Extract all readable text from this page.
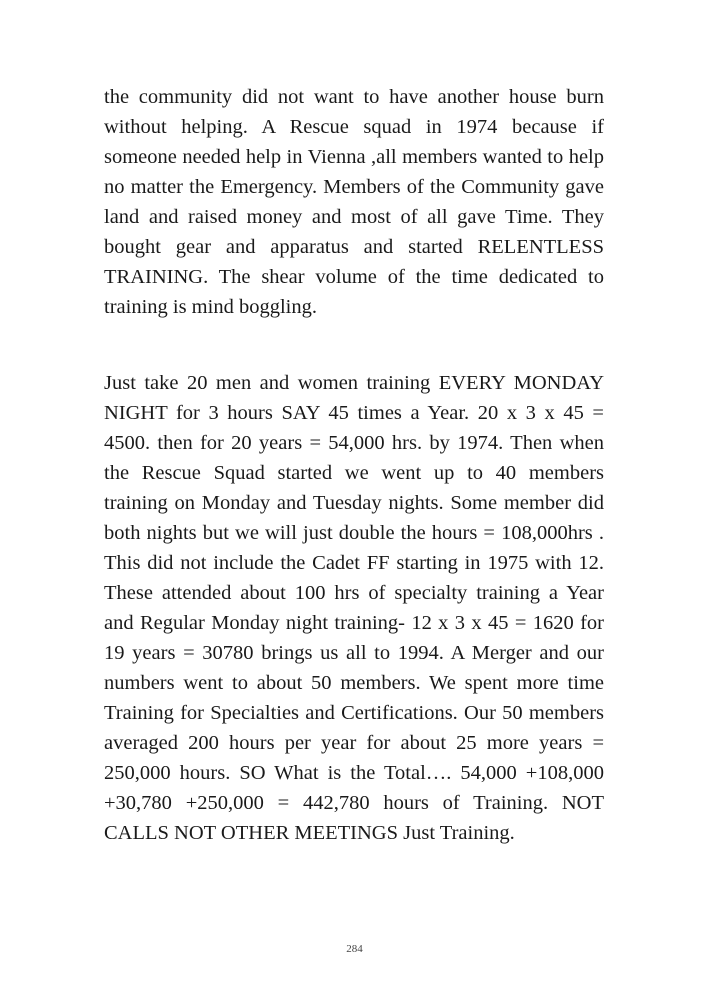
the community did not want to have another house burn without helping. A Rescue squad in 1974 because if someone needed help in Vienna ,all members wanted to help no matter the Emergency. Members of the Community gave land and raised money and most of all gave Time. They bought gear and apparatus and started RELENTLESS TRAINING. The shear volume of the time dedicated to training is mind boggling.

Just take 20 men and women training EVERY MONDAY NIGHT for 3 hours SAY 45 times a Year. 20 x 3 x 45 = 4500. then for 20 years = 54,000 hrs. by 1974. Then when the Rescue Squad started we went up to 40 members training on Monday and Tuesday nights. Some member did both nights but we will just double the hours = 108,000hrs . This did not include the Cadet FF starting in 1975 with 12. These attended about 100 hrs of specialty training a Year and Regular Monday night training- 12 x 3 x 45 = 1620 for 19 years = 30780 brings us all to 1994. A Merger and our numbers went to about 50 members. We spent more time Training for Specialties and Certifications. Our 50 members averaged 200 hours per year for about 25 more years = 250,000 hours. SO What is the Total…. 54,000 +108,000 +30,780 +250,000 = 442,780 hours of Training. NOT CALLS NOT OTHER MEETINGS Just Training.

284
